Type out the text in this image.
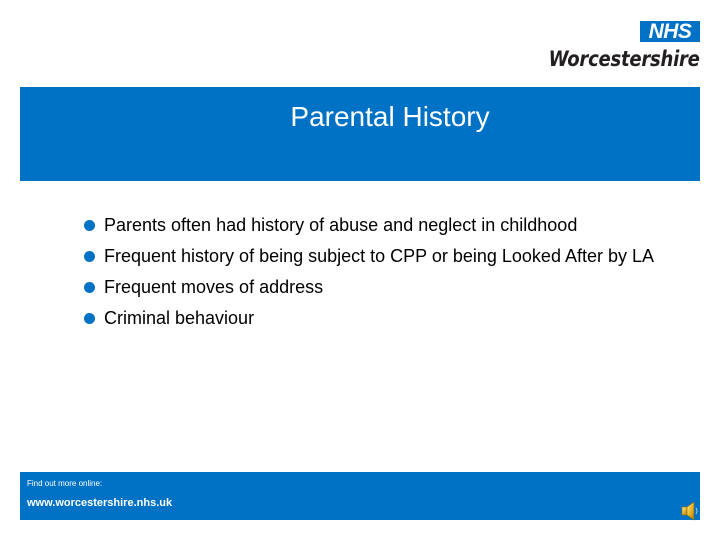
NHS
Worcestershire
Parental History
Parents often had history of abuse and neglect in childhood
Frequent history of being subject to CPP or being Looked After by LA
Frequent moves of address
Criminal behaviour
Find out more online:
www.worcestershire.nhs.uk
